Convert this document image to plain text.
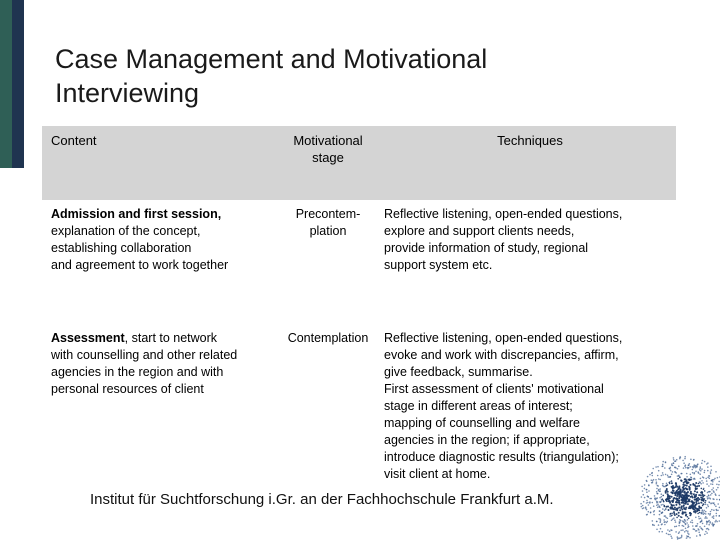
Case Management and Motivational
Interviewing
Content	Motivational
stage
Techniques
Admission and first session,
explanation of the concept,
establishing collaboration
and agreement to work together
Precontem-
plation
Reflective listening, open-ended questions,
explore and support clients needs,
provide information of study, regional
support system etc.
Assessment, start to network
with counselling and other related
agencies in the region and with
personal resources of client
Contemplation	Reflective listening, open-ended questions,
evoke and work with discrepancies, affirm,
give feedback, summarise.
First assessment of clients' motivational
stage in different areas of interest;
mapping of counselling and welfare
agencies in the region; if appropriate,
introduce diagnostic results (triangulation);
visit client at home.
Institut für Suchtforschung i.Gr. an der Fachhochschule Frankfurt a.M.
